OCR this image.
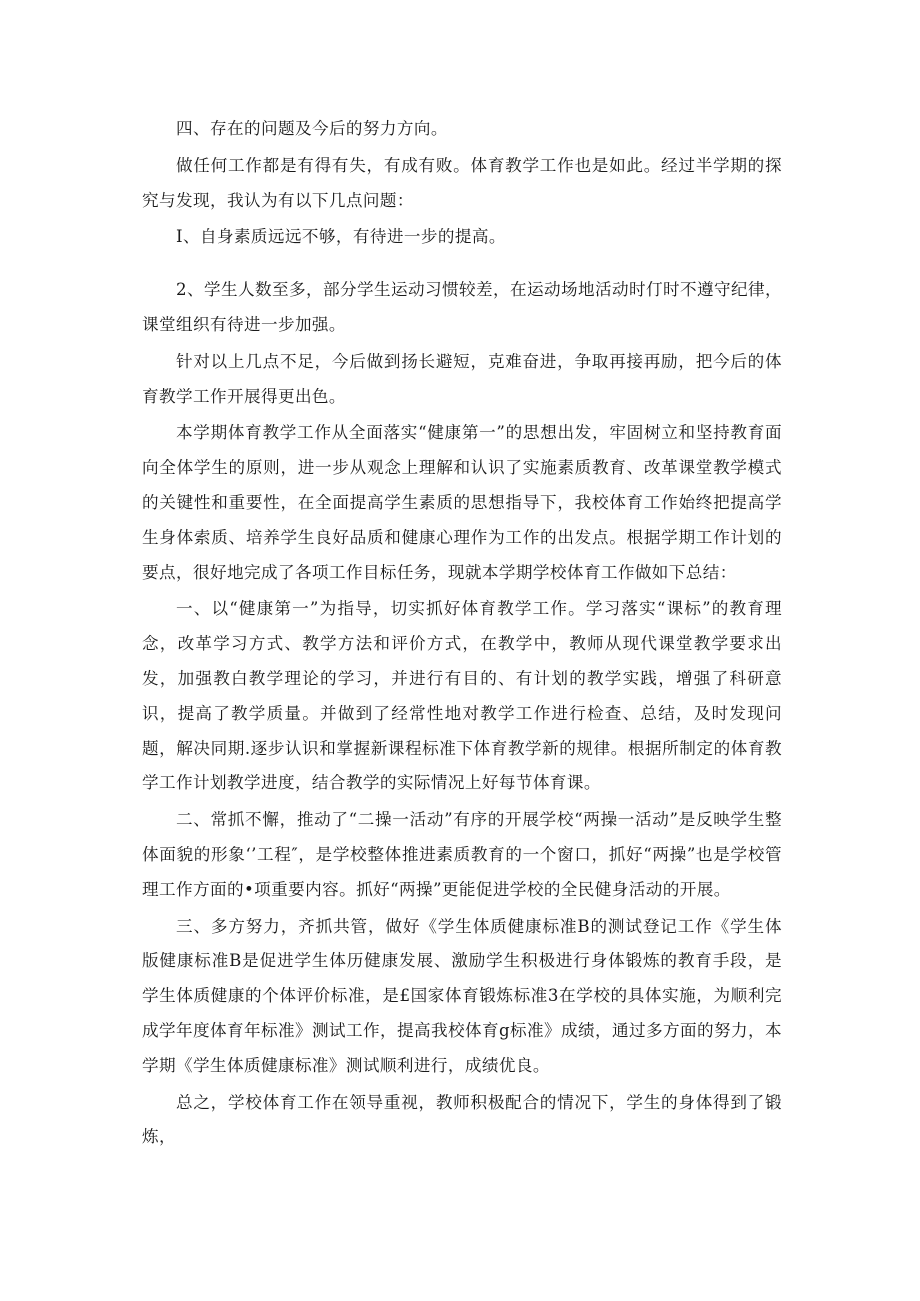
四、存在的问题及今后的努力方向。

做任何工作都是有得有失，有成有败。体育教学工作也是如此。经过半学期的探究与发现，我认为有以下几点问题：

I、自身素质远远不够，有待进一步的提高。

2、学生人数至多，部分学生运动习惯较差，在运动场地活动时仃时不遵守纪律，课堂组织有待进一步加强。

针对以上几点不足，今后做到扬长避短，克难奋进，争取再接再励，把今后的体育教学工作开展得更出色。

本学期体育教学工作从全面落实“健康第一”的思想出发，牢固树立和坚持教育面向全体学生的原则，进一步从观念上理解和认识了实施素质教育、改革课堂教学模式的关键性和重要性，在全面提高学生素质的思想指导下，我校体育工作始终把提高学生身体索质、培养学生良好品质和健康心理作为工作的出发点。根据学期工作计划的要点，很好地完成了各项工作目标任务，现就本学期学校体育工作做如下总结：

一、以“健康第一”为指导，切实抓好体育教学工作。学习落实“课标”的教育理念，改革学习方式、教学方法和评价方式，在教学中，教师从现代课堂教学要求出发，加强教白教学理论的学习，并进行有目的、有计划的教学实践，增强了科研意识，提高了教学质量。并做到了经常性地对教学工作进行检查、总结，及时发现问题，解决同期.逐步认识和掌握新课程标准下体育教学新的规律。根据所制定的体育教学工作计划教学进度，结合教学的实际情况上好每节体育课。

二、常抓不懈，推动了“二操一活动”有序的开展学校“两操一活动”是反映学生整体面貌的形象‘’工程″，是学校整体推进素质教育的一个窗口，抓好“两操”也是学校管理工作方面的•项重要内容。抓好“两操”更能促进学校的全民健身活动的开展。

三、多方努力，齐抓共管，做好《学生体质健康标准B的测试登记工作《学生体版健康标准B是促进学生体历健康发展、激励学生积极进行身体锻炼的教育手段，是学生体质健康的个体评价标准，是£国家体育锻炼标准3在学校的具体实施，为顺利完成学年度体育年标准》测试工作，提高我校体育g标准》成绩，通过多方面的努力，本学期《学生体质健康标准》测试顺利进行，成绩优良。

总之，学校体育工作在领导重视，教师积极配合的情况下，学生的身体得到了锻炼，
